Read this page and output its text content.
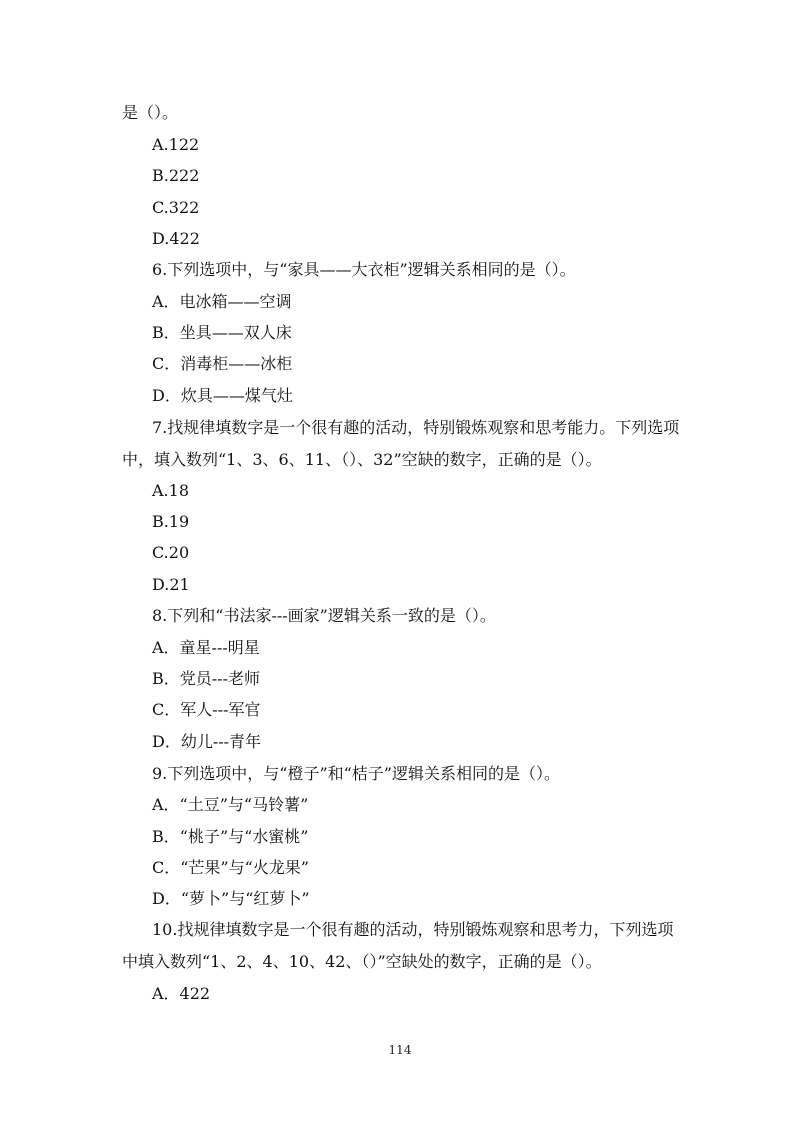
是（）。
A.122
B.222
C.322
D.422
6.下列选项中，与“家具——大衣柜”逻辑关系相同的是（）。
A．电冰箱——空调
B．坐具——双人床
C．消毒柜——冰柜
D．炊具——煤气灶
7.找规律填数字是一个很有趣的活动，特别锻炼观察和思考能力。下列选项
中，填入数列“1、3、6、11、（）、32”空缺的数字，正确的是（）。
A.18
B.19
C.20
D.21
8.下列和“书法家---画家”逻辑关系一致的是（）。
A．童星---明星
B．党员---老师
C．军人---军官
D．幼儿---青年
9.下列选项中，与“橙子”和“桔子”逻辑关系相同的是（）。
A．“土豆”与“马铃薯”
B．“桃子”与“水蜜桃”
C．“芒果”与“火龙果”
D．“萝卜”与“红萝卜”
10.找规律填数字是一个很有趣的活动，特别锻炼观察和思考力，下列选项
中填入数列“1、2、4、10、42、（）”空缺处的数字，正确的是（）。
A．422
114
